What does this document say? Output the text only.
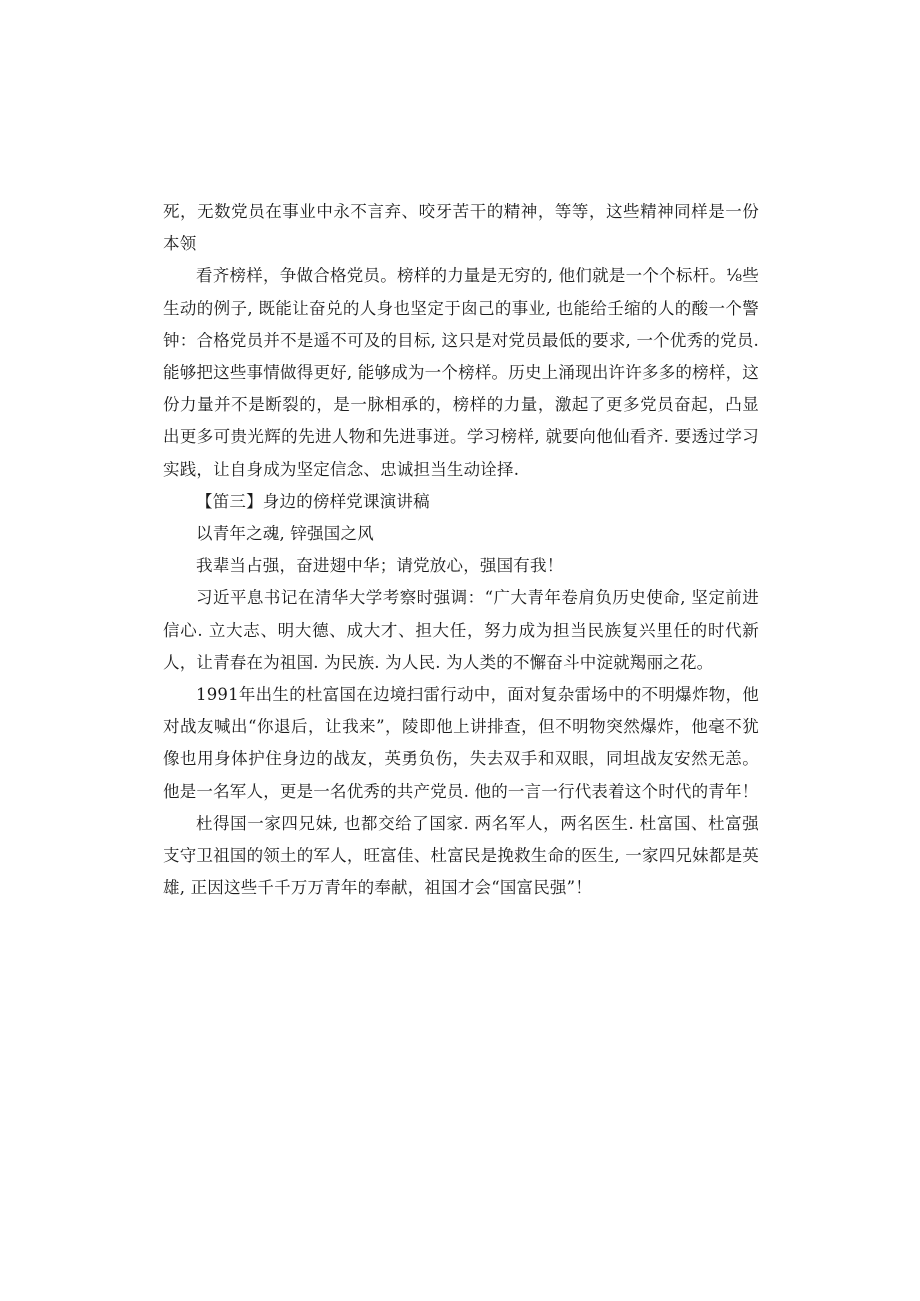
死，无数党员在事业中永不言弃、咬牙苦干的精神，等等，这些精神同样是一份本领

看齐榜样，争做合格党员。榜样的力量是无穷的, 他们就是一个个标杆。⅛些生动的例子, 既能让奋兑的人身也坚定于囱己的事业, 也能给壬缩的人的酸一个警钟：合格党员并不是遥不可及的目标, 这只是对党员最低的要求, 一个优秀的党员. 能够把这些事情做得更好, 能够成为一个榜样。历史上涌现出许许多多的榜样，这份力量并不是断裂的，是一脉相承的，榜样的力量，激起了更多党员奋起，凸显出更多可贵光辉的先进人物和先进事迸。学习榜样, 就要向他仙看齐. 要透过学习实践，让自身成为坚定信念、忠诚担当生动诠择.

【笛三】身边的傍样党课演讲稿

以青年之魂, 锌强国之风

我辈当占强，奋进翅中华；请党放心，强国有我！

习近平息书记在清华大学考察时强调：“广大青年卷肩负历史使命, 坚定前进信心. 立大志、明大德、成大才、担大任，努力成为担当民族复兴里任的时代新人，让青春在为祖国. 为民族. 为人民. 为人类的不懈奋斗中淀就羯丽之花。

1991年出生的杜富国在边境扫雷行动中，面对复杂雷场中的不明爆炸物，他对战友喊出“你退后，让我来”，陵即他上讲排查，但不明物突然爆炸，他毫不犹像也用身体护住身边的战友，英勇负伤，失去双手和双眼，同坦战友安然无恙。他是一名军人，更是一名优秀的共产党员. 他的一言一行代表着这个时代的青年！

杜得国一家四兄妹, 也都交给了国家. 两名军人，两名医生. 杜富国、杜富强支守卫祖国的领土的军人，旺富佳、杜富民是挽救生命的医生, 一家四兄妹都是英雄, 正因这些千千万万青年的奉献，祖国才会“国富民强”！
